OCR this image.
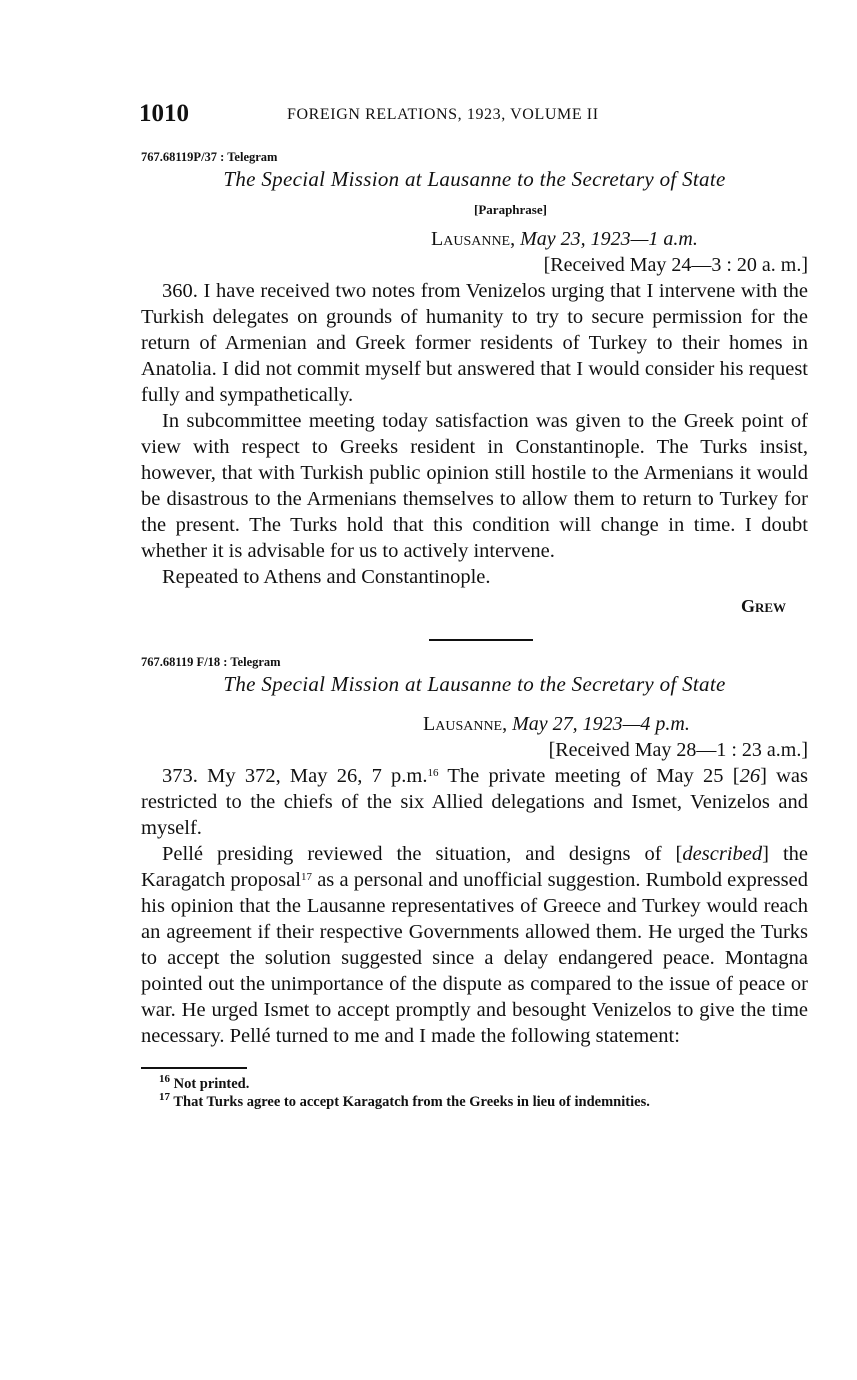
1010	FOREIGN RELATIONS, 1923, VOLUME II
767.68119P/37 : Telegram
The Special Mission at Lausanne to the Secretary of State
[Paraphrase]
Lausanne, May 23, 1923—1 a.m.
[Received May 24—3 : 20 a. m.]

360. I have received two notes from Venizelos urging that I intervene with the Turkish delegates on grounds of humanity to try to secure permission for the return of Armenian and Greek former residents of Turkey to their homes in Anatolia. I did not commit myself but answered that I would consider his request fully and sympathetically.

In subcommittee meeting today satisfaction was given to the Greek point of view with respect to Greeks resident in Constantinople. The Turks insist, however, that with Turkish public opinion still hostile to the Armenians it would be disastrous to the Armenians themselves to allow them to return to Turkey for the present. The Turks hold that this condition will change in time. I doubt whether it is advisable for us to actively intervene.

Repeated to Athens and Constantinople.

Grew
767.68119 F/18 : Telegram
The Special Mission at Lausanne to the Secretary of State
Lausanne, May 27, 1923—4 p.m.
[Received May 28—1 : 23 a.m.]

373. My 372, May 26, 7 p.m.$^{16}$ The private meeting of May 25 [26] was restricted to the chiefs of the six Allied delegations and Ismet, Venizelos and myself.

Pellé presiding reviewed the situation, and designs of [described] the Karagatch proposal$^{17}$ as a personal and unofficial suggestion. Rumbold expressed his opinion that the Lausanne representatives of Greece and Turkey would reach an agreement if their respective Governments allowed them. He urged the Turks to accept the solution suggested since a delay endangered peace. Montagna pointed out the unimportance of the dispute as compared to the issue of peace or war. He urged Ismet to accept promptly and besought Venizelos to give the time necessary. Pellé turned to me and I made the following statement:

$^{16}$ Not printed.
$^{17}$ That Turks agree to accept Karagatch from the Greeks in lieu of indemnities.
